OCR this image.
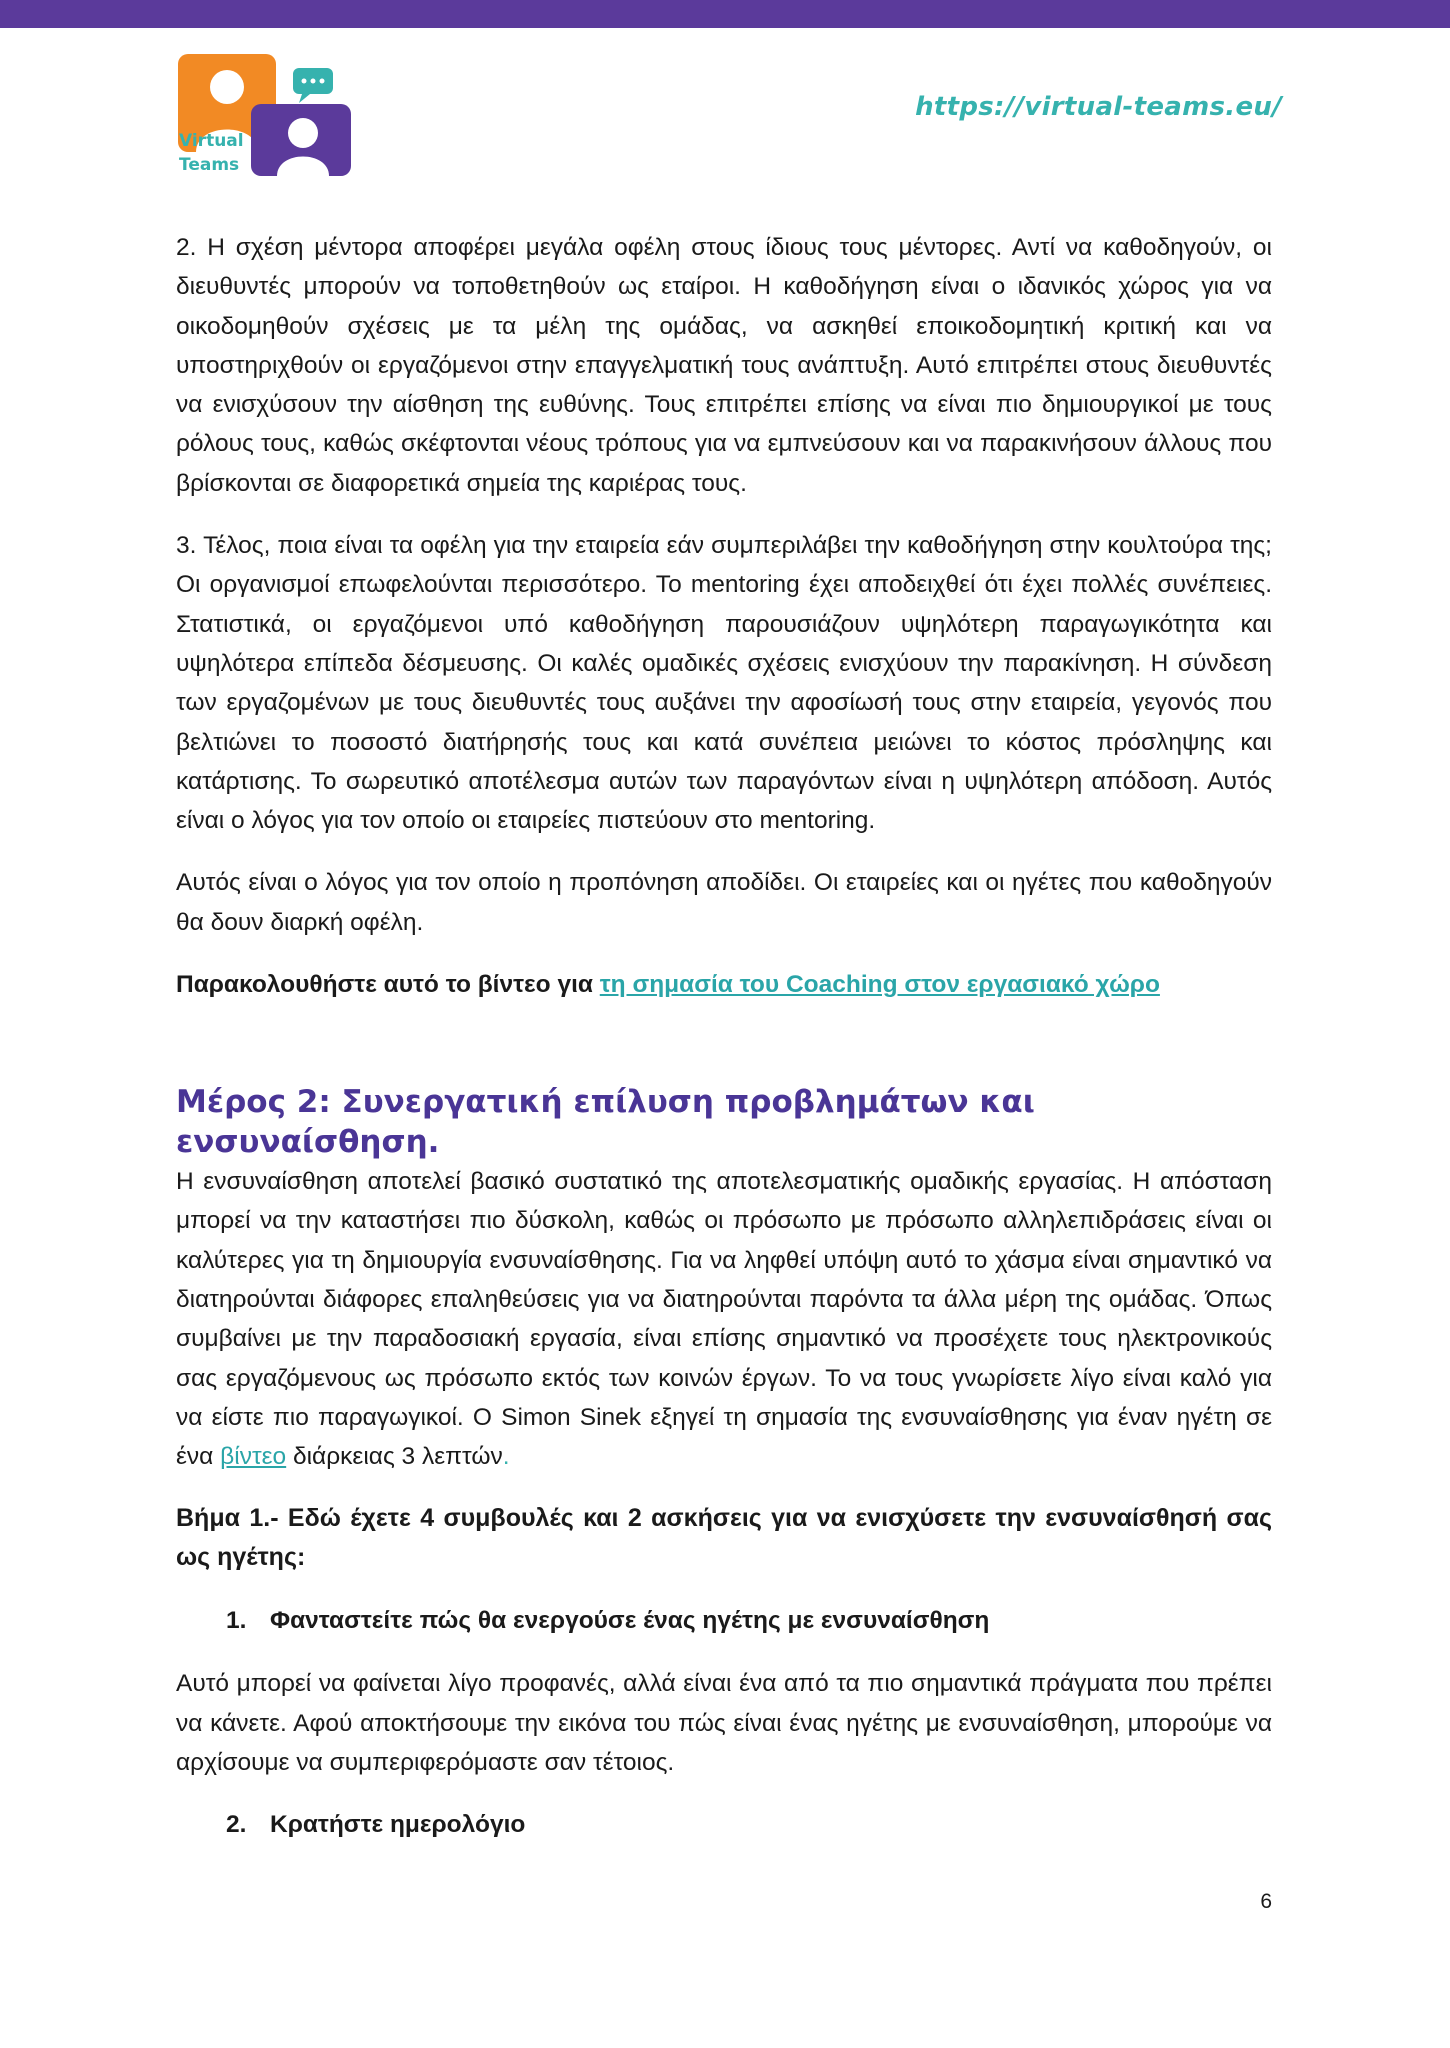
Virtual
Teams
https://virtual-teams.eu/

2. Η σχέση μέντορα αποφέρει μεγάλα οφέλη στους ίδιους τους μέντορες. Αντί να καθοδηγούν, οι διευθυντές μπορούν να τοποθετηθούν ως εταίροι. Η καθοδήγηση είναι ο ιδανικός χώρος για να οικοδομηθούν σχέσεις με τα μέλη της ομάδας, να ασκηθεί εποικοδομητική κριτική και να υποστηριχθούν οι εργαζόμενοι στην επαγγελματική τους ανάπτυξη. Αυτό επιτρέπει στους διευθυντές να ενισχύσουν την αίσθηση της ευθύνης. Τους επιτρέπει επίσης να είναι πιο δημιουργικοί με τους ρόλους τους, καθώς σκέφτονται νέους τρόπους για να εμπνεύσουν και να παρακινήσουν άλλους που βρίσκονται σε διαφορετικά σημεία της καριέρας τους.

3. Τέλος, ποια είναι τα οφέλη για την εταιρεία εάν συμπεριλάβει την καθοδήγηση στην κουλτούρα της; Οι οργανισμοί επωφελούνται περισσότερο. Το mentoring έχει αποδειχθεί ότι έχει πολλές συνέπειες. Στατιστικά, οι εργαζόμενοι υπό καθοδήγηση παρουσιάζουν υψηλότερη παραγωγικότητα και υψηλότερα επίπεδα δέσμευσης. Οι καλές ομαδικές σχέσεις ενισχύουν την παρακίνηση. Η σύνδεση των εργαζομένων με τους διευθυντές τους αυξάνει την αφοσίωσή τους στην εταιρεία, γεγονός που βελτιώνει το ποσοστό διατήρησής τους και κατά συνέπεια μειώνει το κόστος πρόσληψης και κατάρτισης. Το σωρευτικό αποτέλεσμα αυτών των παραγόντων είναι η υψηλότερη απόδοση. Αυτός είναι ο λόγος για τον οποίο οι εταιρείες πιστεύουν στο mentoring.

Αυτός είναι ο λόγος για τον οποίο η προπόνηση αποδίδει. Οι εταιρείες και οι ηγέτες που καθοδηγούν θα δουν διαρκή οφέλη.

Παρακολουθήστε αυτό το βίντεο για τη σημασία του Coaching στον εργασιακό χώρο

Μέρος 2: Συνεργατική επίλυση προβλημάτων και ενσυναίσθηση.

Η ενσυναίσθηση αποτελεί βασικό συστατικό της αποτελεσματικής ομαδικής εργασίας. Η απόσταση μπορεί να την καταστήσει πιο δύσκολη, καθώς οι πρόσωπο με πρόσωπο αλληλεπιδράσεις είναι οι καλύτερες για τη δημιουργία ενσυναίσθησης. Για να ληφθεί υπόψη αυτό το χάσμα είναι σημαντικό να διατηρούνται διάφορες επαληθεύσεις για να διατηρούνται παρόντα τα άλλα μέρη της ομάδας. Όπως συμβαίνει με την παραδοσιακή εργασία, είναι επίσης σημαντικό να προσέχετε τους ηλεκτρονικούς σας εργαζόμενους ως πρόσωπο εκτός των κοινών έργων. Το να τους γνωρίσετε λίγο είναι καλό για να είστε πιο παραγωγικοί. Ο Simon Sinek εξηγεί τη σημασία της ενσυναίσθησης για έναν ηγέτη σε ένα βίντεο διάρκειας 3 λεπτών.

Βήμα 1.- Εδώ έχετε 4 συμβουλές και 2 ασκήσεις για να ενισχύσετε την ενσυναίσθησή σας ως ηγέτης:

1. Φανταστείτε πώς θα ενεργούσε ένας ηγέτης με ενσυναίσθηση

Αυτό μπορεί να φαίνεται λίγο προφανές, αλλά είναι ένα από τα πιο σημαντικά πράγματα που πρέπει να κάνετε. Αφού αποκτήσουμε την εικόνα του πώς είναι ένας ηγέτης με ενσυναίσθηση, μπορούμε να αρχίσουμε να συμπεριφερόμαστε σαν τέτοιος.

2. Κρατήστε ημερολόγιο
6
